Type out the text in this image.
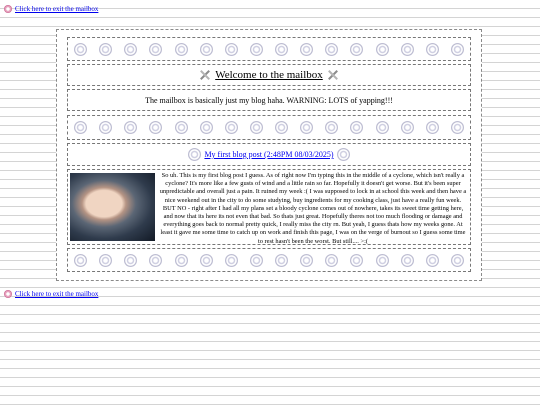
Click here to exit the mailbox
Welcome to the mailbox
The mailbox is basically just my blog haha. WARNING: LOTS of yapping!!!
My first blog post (2:48PM 08/03/2025)
So uh. This is my first blog post I guess. As of right now I'm typing this in the middle of a cyclone, which isn't really a cyclone? It's more like a few gusts of wind and a little rain so far. Hopefully it doesn't get worse. But it's been super unpredictable and overall just a pain. It ruined my week :( I was supposed to lock in at school this week and then have a nice weekend out in the city to do some studying, buy ingredients for my cooking class, just have a really fun week. BUT NO - right after I had all my plans set a bloody cyclone comes out of nowhere, takes its sweet time getting here, and now that its here its not even that bad. So thats just great. Hopefully theres not too much flooding or damage and everything goes back to normal pretty quick, I really miss the city rn. But yeah, I guess thats how my weeks gone. At least it gave me some time to catch up on work and finish this page, I was on the verge of burnout so I guess some time to rest hasn't been the worst. But still.... >:(
Click here to exit the mailbox
